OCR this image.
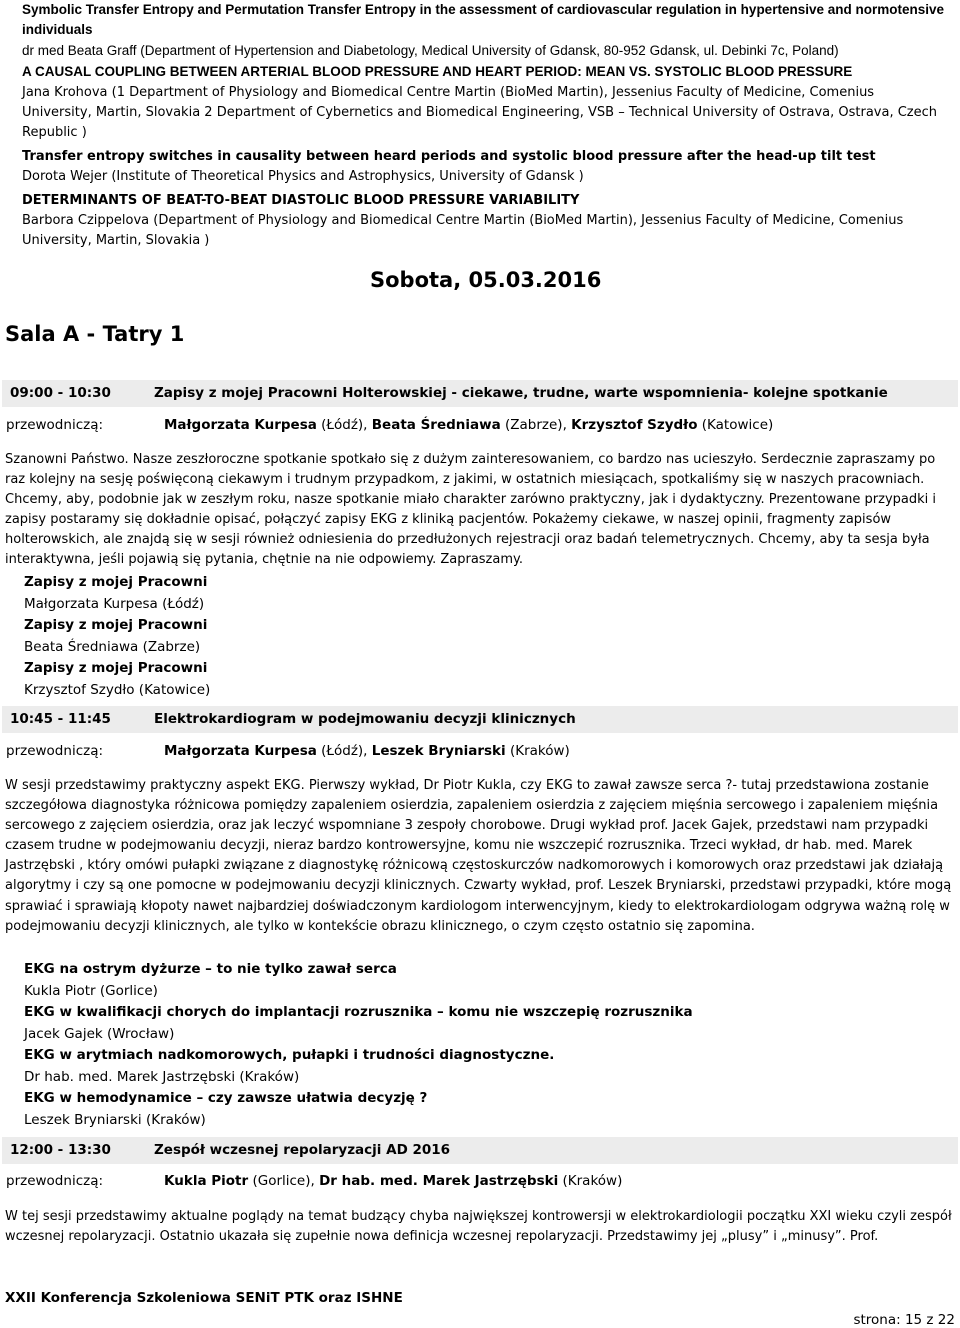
Symbolic Transfer Entropy and Permutation Transfer Entropy in the assessment of cardiovascular regulation in hypertensive and normotensive individuals

dr med Beata Graff (Department of Hypertension and Diabetology, Medical University of Gdansk, 80-952 Gdansk, ul. Debinki 7c, Poland)

A CAUSAL COUPLING BETWEEN ARTERIAL BLOOD PRESSURE AND HEART PERIOD: MEAN VS. SYSTOLIC BLOOD PRESSURE

Jana Krohova (1 Department of Physiology and Biomedical Centre Martin (BioMed Martin), Jessenius Faculty of Medicine, Comenius University, Martin, Slovakia 2 Department of Cybernetics and Biomedical Engineering, VSB – Technical University of Ostrava, Ostrava, Czech Republic )

Transfer entropy switches in causality between heard periods and systolic blood pressure after the head-up tilt test

Dorota Wejer (Institute of Theoretical Physics and Astrophysics, University of Gdansk )

DETERMINANTS OF BEAT-TO-BEAT DIASTOLIC BLOOD PRESSURE VARIABILITY

Barbora Czippelova (Department of Physiology and Biomedical Centre Martin (BioMed Martin), Jessenius Faculty of Medicine, Comenius University, Martin, Slovakia )

Sobota, 05.03.2016
Sala A - Tatry 1
09:00 - 10:30	Zapisy z mojej Pracowni Holterowskiej - ciekawe, trudne, warte wspomnienia- kolejne spotkanie
przewodniczą:	Małgorzata Kurpesa (Łódź), Beata Średniawa (Zabrze), Krzysztof Szydło (Katowice)
Szanowni Państwo. Nasze zeszłoroczne spotkanie spotkało się z dużym zainteresowaniem, co bardzo nas ucieszyło. Serdecznie zapraszamy po raz kolejny na sesję poświęconą ciekawym i trudnym przypadkom, z jakimi, w ostatnich miesiącach, spotkaliśmy się w naszych pracowniach. Chcemy, aby, podobnie jak w zeszłym roku, nasze spotkanie miało charakter zarówno praktyczny, jak i dydaktyczny. Prezentowane przypadki i zapisy postaramy się dokładnie opisać, połączyć zapisy EKG z kliniką pacjentów. Pokażemy ciekawe, w naszej opinii, fragmenty zapisów holterowskich, ale znajdą się w sesji również odniesienia do przedłużonych rejestracji oraz badań telemetrycznych. Chcemy, aby ta sesja była interaktywna, jeśli pojawią się pytania, chętnie na nie odpowiemy. Zapraszamy.
Zapisy z mojej Pracowni
Małgorzata Kurpesa (Łódź)
Zapisy z mojej Pracowni
Beata Średniawa (Zabrze)
Zapisy z mojej Pracowni
Krzysztof Szydło (Katowice)
10:45 - 11:45	Elektrokardiogram w podejmowaniu decyzji klinicznych
przewodniczą:	Małgorzata Kurpesa (Łódź), Leszek Bryniarski (Kraków)
W sesji przedstawimy praktyczny aspekt EKG. Pierwszy wykład, Dr Piotr Kukla, czy EKG to zawał zawsze serca ?- tutaj przedstawiona zostanie szczegółowa diagnostyka różnicowa pomiędzy zapaleniem osierdzia, zapaleniem osierdzia z zajęciem mięśnia sercowego i zapaleniem mięśnia sercowego z zajęciem osierdzia, oraz jak leczyć wspomniane 3 zespoły chorobowe. Drugi wykład prof. Jacek Gajek, przedstawi nam przypadki czasem trudne w podejmowaniu decyzji, nieraz bardzo kontrowersyjne, komu nie wszczepić rozrusznika. Trzeci wykład, dr hab. med. Marek Jastrzębski , który omówi pułapki związane z diagnostykę różnicową częstoskurczów nadkomorowych i komorowych oraz przedstawi jak działają algorytmy i czy są one pomocne w podejmowaniu decyzji klinicznych. Czwarty wykład, prof. Leszek Bryniarski, przedstawi przypadki, które mogą sprawiać i sprawiają kłopoty nawet najbardziej doświadczonym kardiologom interwencyjnym, kiedy to elektrokardiologam odgrywa ważną rolę w podejmowaniu decyzji klinicznych, ale tylko w kontekście obrazu klinicznego, o czym często ostatnio się zapomina.
EKG na ostrym dyżurze – to nie tylko zawał serca
Kukla Piotr (Gorlice)
EKG w kwalifikacji chorych do implantacji rozrusznika – komu nie wszczepię rozrusznika
Jacek Gajek (Wrocław)
EKG w arytmiach nadkomorowych, pułapki i trudności diagnostyczne.
Dr hab. med. Marek Jastrzębski (Kraków)
EKG w hemodynamice – czy zawsze ułatwia decyzję ?
Leszek Bryniarski (Kraków)
12:00 - 13:30	Zespół wczesnej repolaryzacji AD 2016
przewodniczą:	Kukla Piotr (Gorlice), Dr hab. med. Marek Jastrzębski (Kraków)
W tej sesji przedstawimy aktualne poglądy na temat budzący chyba największej kontrowersji w elektrokardiologii początku XXI wieku czyli zespół wczesnej repolaryzacji. Ostatnio ukazała się zupełnie nowa definicja wczesnej repolaryzacji. Przedstawimy jej „plusy” i „minusy”. Prof.
XXII Konferencja Szkoleniowa SENiT PTK oraz ISHNE
strona: 15 z 22
